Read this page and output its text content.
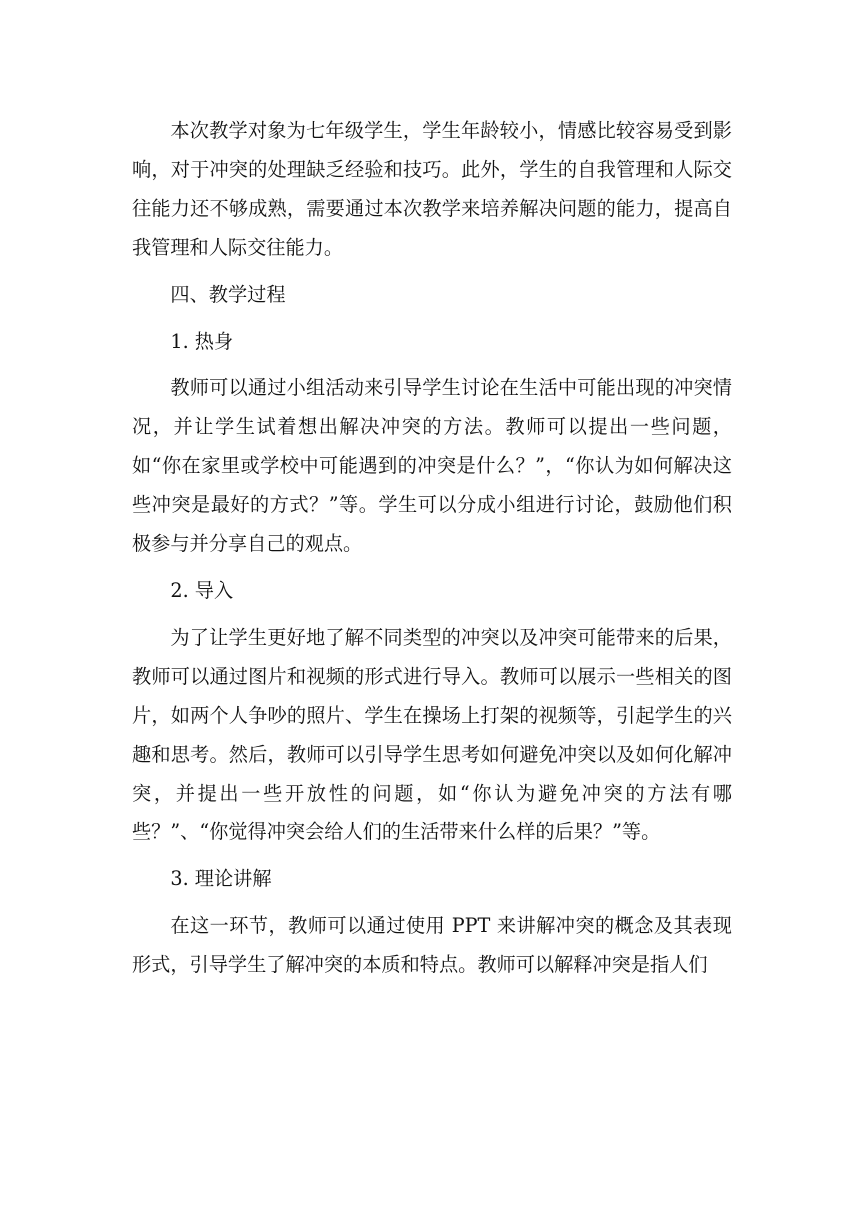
本次教学对象为七年级学生，学生年龄较小，情感比较容易受到影响，对于冲突的处理缺乏经验和技巧。此外，学生的自我管理和人际交往能力还不够成熟，需要通过本次教学来培养解决问题的能力，提高自我管理和人际交往能力。

四、教学过程

1. 热身

教师可以通过小组活动来引导学生讨论在生活中可能出现的冲突情况，并让学生试着想出解决冲突的方法。教师可以提出一些问题，如“你在家里或学校中可能遇到的冲突是什么？”，“你认为如何解决这些冲突是最好的方式？”等。学生可以分成小组进行讨论，鼓励他们积极参与并分享自己的观点。

2. 导入

为了让学生更好地了解不同类型的冲突以及冲突可能带来的后果，教师可以通过图片和视频的形式进行导入。教师可以展示一些相关的图片，如两个人争吵的照片、学生在操场上打架的视频等，引起学生的兴趣和思考。然后，教师可以引导学生思考如何避免冲突以及如何化解冲突，并提出一些开放性的问题，如“你认为避免冲突的方法有哪些？”、“你觉得冲突会给人们的生活带来什么样的后果？”等。

3. 理论讲解

在这一环节，教师可以通过使用 PPT 来讲解冲突的概念及其表现形式，引导学生了解冲突的本质和特点。教师可以解释冲突是指人们
